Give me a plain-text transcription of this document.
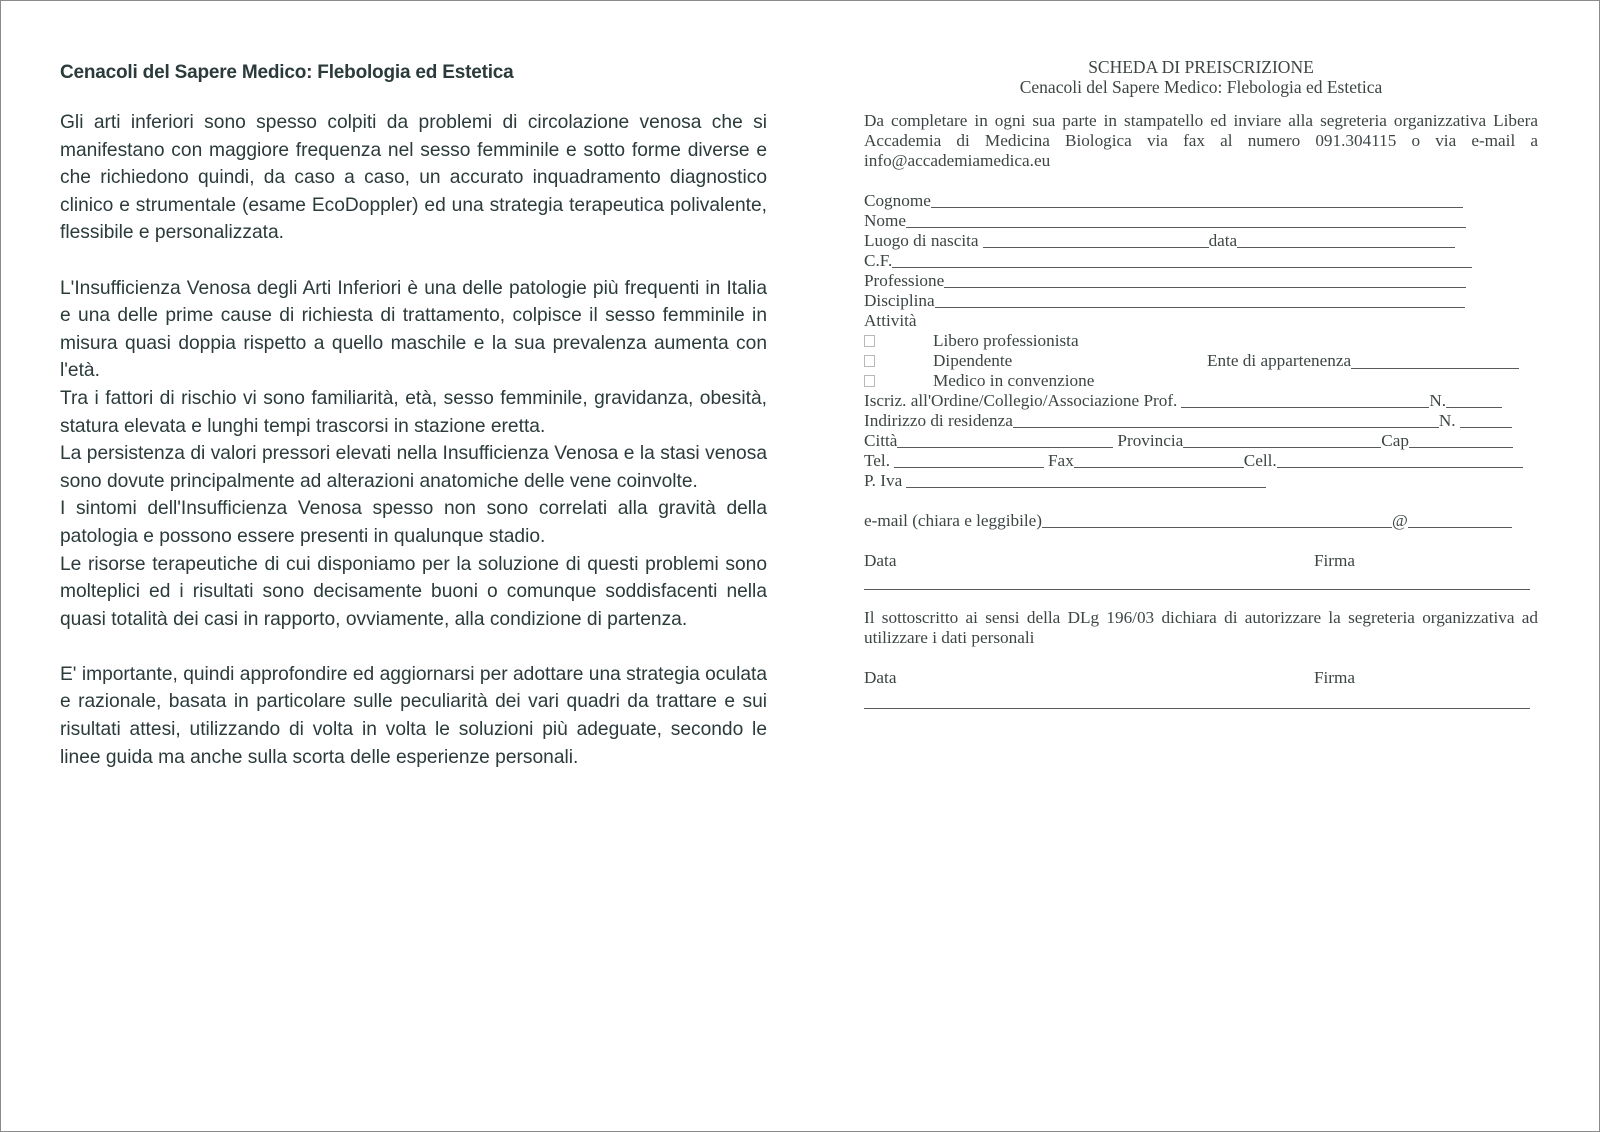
Cenacoli del Sapere Medico: Flebologia ed Estetica

Gli arti inferiori sono spesso colpiti da problemi di circolazione venosa che si manifestano con maggiore frequenza nel sesso femminile e sotto forme diverse e che richiedono quindi, da caso a caso, un accurato inquadramento diagnostico clinico e strumentale (esame EcoDoppler) ed una strategia terapeutica polivalente, flessibile e personalizzata.

L'Insufficienza Venosa degli Arti Inferiori è una delle patologie più frequenti in Italia e una delle prime cause di richiesta di trattamento, colpisce il sesso femminile in misura quasi doppia rispetto a quello maschile e la sua prevalenza aumenta con l'età.

Tra i fattori di rischio vi sono familiarità, età, sesso femminile, gravidanza, obesità, statura elevata e lunghi tempi trascorsi in stazione eretta.

La persistenza di valori pressori elevati nella Insufficienza Venosa e la stasi venosa sono dovute principalmente ad alterazioni anatomiche delle vene coinvolte.

I sintomi dell'Insufficienza Venosa spesso non sono correlati alla gravità della patologia e possono essere presenti in qualunque stadio.

Le risorse terapeutiche di cui disponiamo per la soluzione di questi problemi sono molteplici ed i risultati sono decisamente buoni o comunque soddisfacenti nella quasi totalità dei casi in rapporto, ovviamente, alla condizione di partenza.

E' importante, quindi approfondire ed aggiornarsi per adottare una strategia oculata e razionale, basata in particolare sulle peculiarità dei vari quadri da trattare e sui risultati attesi, utilizzando di volta in volta le soluzioni più adeguate, secondo le linee guida ma anche sulla scorta delle esperienze personali.

SCHEDA DI PREISCRIZIONE

Cenacoli del Sapere Medico: Flebologia ed Estetica

Da completare in ogni sua parte in stampatello ed inviare alla segreteria organizzativa Libera Accademia di Medicina Biologica via fax al numero 091.304115 o via e-mail a info@accademiamedica.eu

Cognome
Nome
Luogo di nascita	data
C.F.
Professione
Disciplina
Attività
Libero professionista
Dipendente	Ente di appartenenza
Medico in convenzione
Iscriz. all'Ordine/Collegio/Associazione Prof.	N.
Indirizzo di residenza	N.
Città	Provincia	Cap
Tel.	Fax	Cell.
P. Iva
e-mail (chiara e leggibile)	@
Data	Firma

Il sottoscritto ai sensi della DLg 196/03 dichiara di autorizzare la segreteria organizzativa ad utilizzare i dati personali

Data	Firma
